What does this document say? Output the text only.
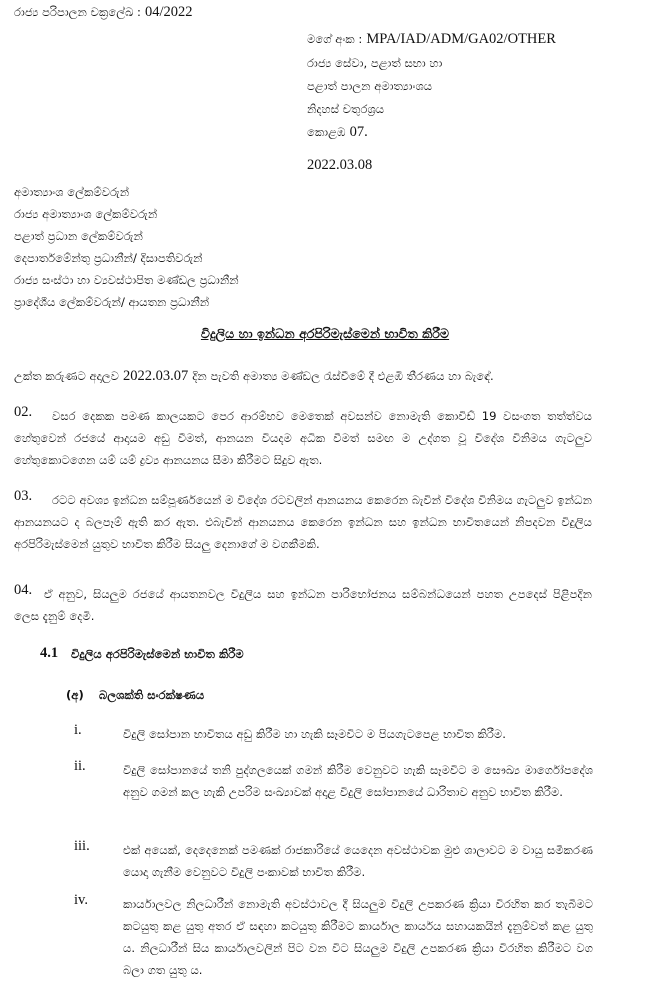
රාජ්‍ය පරිපාලන චක්‍රලේඛ : 04/2022
මගේ අංක : MPA/IAD/ADM/GA02/OTHER
රාජ්‍ය සේවා, පළාත් සභා හා
පළාත් පාලන අමාත්‍යාංශය
නිදහස් චතුරශ්‍රය
කොළඹ 07.
2022.03.08
අමාත්‍යාංශ ලේකම්වරුන්
රාජ්‍ය අමාත්‍යාංශ ලේකම්වරුන්
පළාත් ප්‍රධාන ලේකම්වරුන්
දෙපාර්තමේන්තු ප්‍රධානීන්/ දිසාපතිවරුන්
රාජ්‍ය සංස්ථා හා ව්‍යවස්ථාපිත මණ්ඩල ප්‍රධානීන්
ප්‍රාදේශීය ලේකම්වරුන්/ ආයතන ප්‍රධානීන්
විදුලිය හා ඉන්ධන අරපිරිමැස්මෙන් භාවිත කිරීම
උක්ත කරුණට අදාලව 2022.03.07 දින පැවති අමාත්‍ය මණ්ඩල රැස්වීමේ දී එළඹි තීරණය හා බැඳේ.
02.	වසර දෙකක පමණ කාලයකට පෙර ආරම්භව මෙතෙක් අවසන්ව නොමැති කොවිඩ් 19 වසංගත තත්ත්වය හේතුවෙන් රජයේ ආදායම අඩු වීමත්, ආනයන වියදම අධික වීමත් සමඟ ම උද්ගත වූ විදේශ විනිමය ගැටලුව හේතුකොටගෙන යම් යම් ද්‍රව්‍ය ආනයනය සීමා කිරීමට සිදුව ඇත.
03.	රටට අවශ්‍ය ඉන්ධන සම්පූර්ණයෙන් ම විදේශ රටවලින් ආනයනය කෙරෙන බැවින් විදේශ විනිමය ගැටලුව ඉන්ධන ආනයනයට ද බලපෑම් ඇති කර ඇත. එබැවින් ආනයනය කෙරෙන ඉන්ධන සහ ඉන්ධන භාවිතයෙන් නිපදවන විදුලිය අරපිරිමැස්මෙන් යුතුව භාවිත කිරීම සියලු දෙනාගේ ම වගකීමකි.
04.	ඒ අනුව, සියලුම රජයේ ආයතනවල විදුලිය සහ ඉන්ධන පාරිභෝජනය සම්බන්ධයෙන් පහත උපදෙස් පිළිපදින ලෙස දැනුම් දෙමි.
4.1 විදුලිය අරපිරිමැස්මෙන් භාවිත කිරීම
(අ) බලශක්ති සංරක්ෂණය
i.	විදුලි සෝපාන භාවිතය අඩු කිරීම හා හැකි සෑමවිට ම පියගැටපෙළ භාවිත කිරීම.
ii.	විදුලි සෝපානයේ තනි පුද්ගලයෙක් ගමන් කිරීම වෙනුවට හැකි සෑමවිට ම සෞඛ්‍ය මාර්ගෝපදේශ අනුව ගමන් කල හැකි උපරිම සංඛ්‍යාවක් අදාළ විදුලි සෝපානයේ ධාරිතාව අනුව භාවිත කිරීම.
iii.	එක් අයෙක්, දෙදෙනෙක් පමණක් රාජකාරියේ යෙදෙන අවස්ථාවක මුළු ශාලාවට ම වායු සමීකරණ යොදා ගැනීම වෙනුවට විදුලි පංකාවක් භාවිත කිරීම.
iv.	කාර්යාලවල නිලධාරීන් නොමැති අවස්ථාවල දී සියලුම විදුලි උපකරණ ක්‍රියා විරහිත කර තැබීමට කටයුතු කළ යුතු අතර ඒ සඳහා කටයුතු කිරීමට කාර්යාල කාර්යය සහායකයින් දැනුම්වත් කළ යුතු ය. නිලධාරීන් සිය කාර්යාලවලින් පිට වන විට සියලුම විදුලි උපකරණ ක්‍රියා විරහිත කිරීමට වග බලා ගත යුතු ය.
